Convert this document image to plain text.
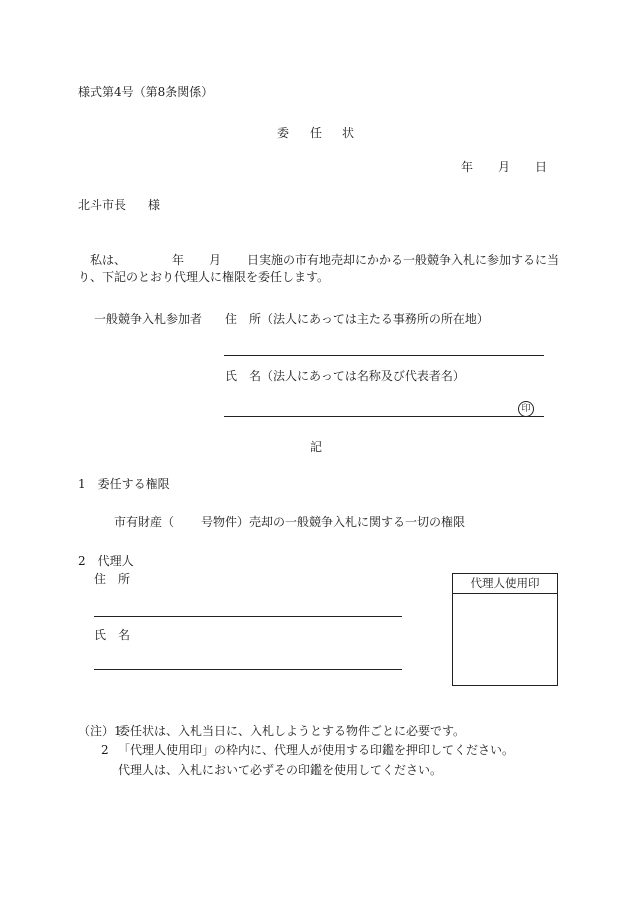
様式第4号（第8条関係）
委 任 状
年 月 日
北斗市長 様
私は、	年 月 日実施の市有地売却にかかる一般競争入札に参加するに当
り、下記のとおり代理人に権限を委任します。
一般競争入札参加者 住　所（法人にあっては主たる事務所の所在地）
氏　名（法人にあっては名称及び代表者名）
印
記
1　委任する権限
市有財産（ 号物件）売却の一般競争入札に関する一切の権限
2　代理人
住　所
氏　名
代理人使用印
（注）1
委任状は、入札当日に、入札しようとする物件ごとに必要です。
2 「代理人使用印」の枠内に、代理人が使用する印鑑を押印してください。
代理人は、入札において必ずその印鑑を使用してください。
